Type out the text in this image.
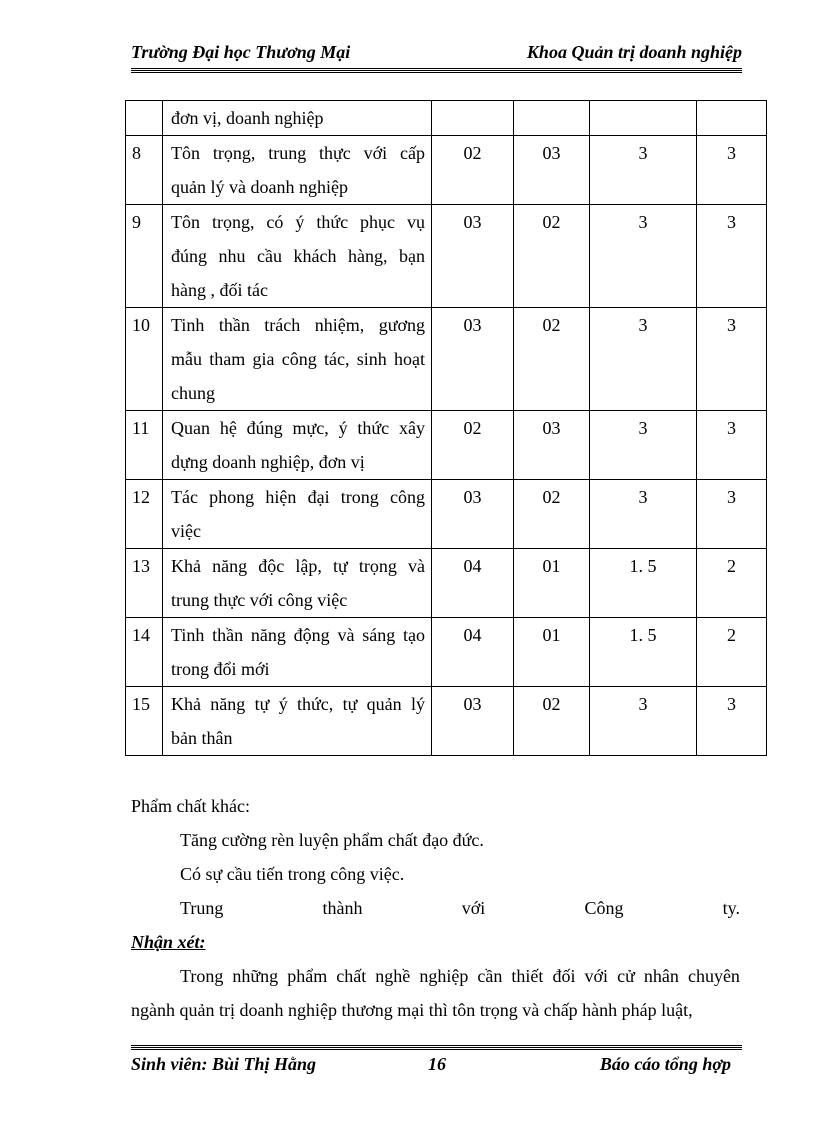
Trường Đại học Thương Mại	Khoa Quản trị doanh nghiệp

	đơn vị, doanh nghiệp				

8	Tôn trọng, trung thực với cấp
quản lý và doanh nghiệp	02	03	3	3
9	Tôn trọng, có ý thức phục vụ
đúng nhu cầu khách hàng, bạn
hàng , đối tác	03	02	3	3
10	Tinh thần trách nhiệm, gương
mẫu tham gia công tác, sinh hoạt
chung	03	02	3	3
11	Quan hệ đúng mực, ý thức xây
dựng doanh nghiệp, đơn vị	02	03	3	3
12	Tác phong hiện đại trong công
việc	03	02	3	3
13	Khả năng độc lập, tự trọng và
trung thực với công việc	04	01	1. 5	2
14	Tinh thần năng động và sáng tạo
trong đổi mới	04	01	1. 5	2
15	Khả năng tự ý thức, tự quản lý
bản thân	03	02	3	3
Phẩm chất khác:
Tăng cường rèn luyện phẩm chất đạo đức.
Có sự cầu tiến trong công việc.
Trung	thành	với	Công	ty.
Nhận xét:
Trong những phẩm chất nghề nghiệp cần thiết đối với cử nhân chuyên
ngành quản trị doanh nghiệp thương mại thì tôn trọng và chấp hành pháp luật,
Sinh viên: Bùi Thị Hằng	16	Báo cáo tổng hợp
